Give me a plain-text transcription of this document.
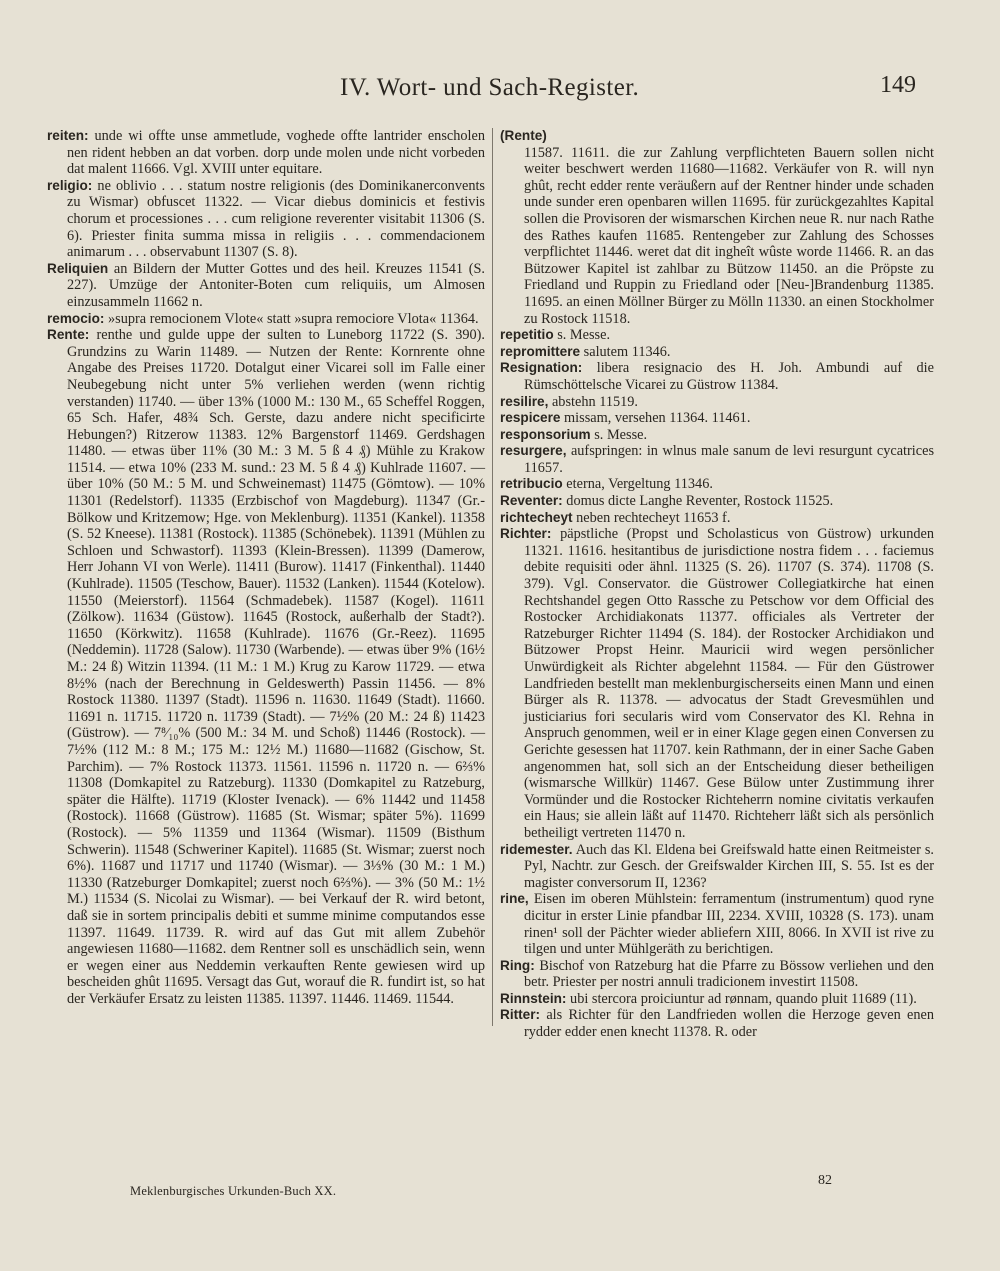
IV. Wort- und Sach-Register.	149
reiten: unde wi offte unse ammetlude, voghede offte lantrider enscholen nen rident hebben an dat vorben. dorp unde molen unde nicht vorbeden dat malent 11666. Vgl. XVIII unter equitare.
religio: ne oblivio . . . statum nostre religionis (des Dominikanerconvents zu Wismar) obfuscet 11322. — Vicar diebus dominicis et festivis chorum et processiones . . . cum religione reverenter visitabit 11306 (S. 6). Priester finita summa missa in religiis . . . commendacionem animarum . . . observabunt 11307 (S. 8).
Reliquien an Bildern der Mutter Gottes und des heil. Kreuzes 11541 (S. 227). Umzüge der Antoniter-Boten cum reliquiis, um Almosen einzusammeln 11662 n.
remocio: »supra remocionem Vlote« statt »supra remociore Vlota« 11364.
Rente: renthe und gulde uppe der sulten to Luneborg 11722 (S. 390). Grundzins zu Warin 11489. — Nutzen der Rente: Kornrente ohne Angabe des Preises 11720. Dotalgut einer Vicarei soll im Falle einer Neubegebung nicht unter 5% verliehen werden (wenn richtig verstanden) 11740. — über 13% (1000 M.: 130 M., 65 Scheffel Roggen, 65 Sch. Hafer, 48¾ Sch. Gerste, dazu andere nicht specificirte Hebungen?) Ritzerow 11383. 12% Bargenstorf 11469. Gerdshagen 11480. — etwas über 11% (30 M.: 3 M. 5 ß 4 ₰) Mühle zu Krakow 11514. — etwa 10% (233 M. sund.: 23 M. 5 ß 4 ₰) Kuhlrade 11607. — über 10% (50 M.: 5 M. und Schweinemast) 11475 (Gömtow). — 10% 11301 (Redelstorf). 11335 (Erzbischof von Magdeburg). 11347 (Gr.-Bölkow und Kritzemow; Hge. von Meklenburg). 11351 (Kankel). 11358 (S. 52 Kneese). 11381 (Rostock). 11385 (Schönebek). 11391 (Mühlen zu Schloen und Schwastorf). 11393 (Klein-Bressen). 11399 (Damerow, Herr Johann VI von Werle). 11411 (Burow). 11417 (Finkenthal). 11440 (Kuhlrade). 11505 (Teschow, Bauer). 11532 (Lanken). 11544 (Kotelow). 11550 (Meierstorf). 11564 (Schmadebek). 11587 (Kogel). 11611 (Zölkow). 11634 (Güstow). 11645 (Rostock, außerhalb der Stadt?). 11650 (Körkwitz). 11658 (Kuhlrade). 11676 (Gr.-Reez). 11695 (Neddemin). 11728 (Salow). 11730 (Warbende). — etwas über 9% (16½ M.: 24 ß) Witzin 11394. (11 M.: 1 M.) Krug zu Karow 11729. — etwa 8½% (nach der Berechnung in Geldeswerth) Passin 11456. — 8% Rostock 11380. 11397 (Stadt). 11596 n. 11630. 11649 (Stadt). 11660. 11691 n. 11715. 11720 n. 11739 (Stadt). — 7½% (20 M.: 24 ß) 11423 (Güstrow). — 7⁸⁄₁₀% (500 M.: 34 M. und Schoß) 11446 (Rostock). — 7½% (112 M.: 8 M.; 175 M.: 12½ M.) 11680—11682 (Gischow, St. Parchim). — 7% Rostock 11373. 11561. 11596 n. 11720 n. — 6⅔% 11308 (Domkapitel zu Ratzeburg). 11330 (Domkapitel zu Ratzeburg, später die Hälfte). 11719 (Kloster Ivenack). — 6% 11442 und 11458 (Rostock). 11668 (Güstrow). 11685 (St. Wismar; später 5%). 11699 (Rostock). — 5% 11359 und 11364 (Wismar). 11509 (Bisthum Schwerin). 11548 (Schweriner Kapitel). 11685 (St. Wismar; zuerst noch 6%). 11687 und 11717 und 11740 (Wismar). — 3⅓% (30 M.: 1 M.) 11330 (Ratzeburger Domkapitel; zuerst noch 6⅔%). — 3% (50 M.: 1½ M.) 11534 (S. Nicolai zu Wismar). — bei Verkauf der R. wird betont, daß sie in sortem principalis debiti et summe minime computandos esse 11397. 11649. 11739. R. wird auf das Gut mit allem Zubehör angewiesen 11680—11682. dem Rentner soll es unschädlich sein, wenn er wegen einer aus Neddemin verkauften Rente gewiesen wird up bescheiden ghût 11695. Versagt das Gut, worauf die R. fundirt ist, so hat der Verkäufer Ersatz zu leisten 11385. 11397. 11446. 11469. 11544.
(Rente)
11587. 11611. die zur Zahlung verpflichteten Bauern sollen nicht weiter beschwert werden 11680—11682. Verkäufer von R. will nyn ghût, recht edder rente veräußern auf der Rentner hinder unde schaden unde sunder eren openbaren willen 11695. für zurückgezahltes Kapital sollen die Provisoren der wismarschen Kirchen neue R. nur nach Rathe des Rathes kaufen 11685. Rentengeber zur Zahlung des Schosses verpflichtet 11446. weret dat dit ingheît wûste worde 11466. R. an das Bützower Kapitel ist zahlbar zu Bützow 11450. an die Pröpste zu Friedland und Ruppin zu Friedland oder [Neu-]Brandenburg 11385. 11695. an einen Möllner Bürger zu Mölln 11330. an einen Stockholmer zu Rostock 11518.
repetitio s. Messe.
repromittere salutem 11346.
Resignation: libera resignacio des H. Joh. Ambundi auf die Rümschöttelsche Vicarei zu Güstrow 11384.
resilire, abstehn 11519.
respicere missam, versehen 11364. 11461.
responsorium s. Messe.
resurgere, aufspringen: in wlnus male sanum de levi resurgunt cycatrices 11657.
retribucio eterna, Vergeltung 11346.
Reventer: domus dicte Langhe Reventer, Rostock 11525.
richtecheyt neben rechtecheyt 11653 f.
Richter: päpstliche (Propst und Scholasticus von Güstrow) urkunden 11321. 11616. hesitantibus de jurisdictione nostra fidem . . . faciemus debite requisiti oder ähnl. 11325 (S. 26). 11707 (S. 374). 11708 (S. 379). Vgl. Conservator. die Güstrower Collegiatkirche hat einen Rechtshandel gegen Otto Rassche zu Petschow vor dem Official des Rostocker Archidiakonats 11377. officiales als Vertreter der Ratzeburger Richter 11494 (S. 184). der Rostocker Archidiakon und Bützower Propst Heinr. Mauricii wird wegen persönlicher Unwürdigkeit als Richter abgelehnt 11584. — Für den Güstrower Landfrieden bestellt man meklenburgischerseits einen Mann und einen Bürger als R. 11378. — advocatus der Stadt Grevesmühlen und justiciarius fori secularis wird vom Conservator des Kl. Rehna in Anspruch genommen, weil er in einer Klage gegen einen Conversen zu Gerichte gesessen hat 11707. kein Rathmann, der in einer Sache Gaben angenommen hat, soll sich an der Entscheidung dieser betheiligen (wismarsche Willkür) 11467. Gese Bülow unter Zustimmung ihrer Vormünder und die Rostocker Richteherrn nomine civitatis verkaufen ein Haus; sie allein läßt auf 11470. Richteherr läßt sich als persönlich betheiligt vertreten 11470 n.
ridemester. Auch das Kl. Eldena bei Greifswald hatte einen Reitmeister s. Pyl, Nachtr. zur Gesch. der Greifswalder Kirchen III, S. 55. Ist es der magister conversorum II, 1236?
rine, Eisen im oberen Mühlstein: ferramentum (instrumentum) quod ryne dicitur in erster Linie pfandbar III, 2234. XVIII, 10328 (S. 173). unam rinen¹ soll der Pächter wieder abliefern XIII, 8066. In XVII ist rive zu tilgen und unter Mühlgeräth zu berichtigen.
Ring: Bischof von Ratzeburg hat die Pfarre zu Bössow verliehen und den betr. Priester per nostri annuli tradicionem investirt 11508.
Rinnstein: ubi stercora proiciuntur ad rønnam, quando pluit 11689 (11).
Ritter: als Richter für den Landfrieden wollen die Herzoge geven enen rydder edder enen knecht 11378. R. oder
Meklenburgisches Urkunden-Buch XX.
82
